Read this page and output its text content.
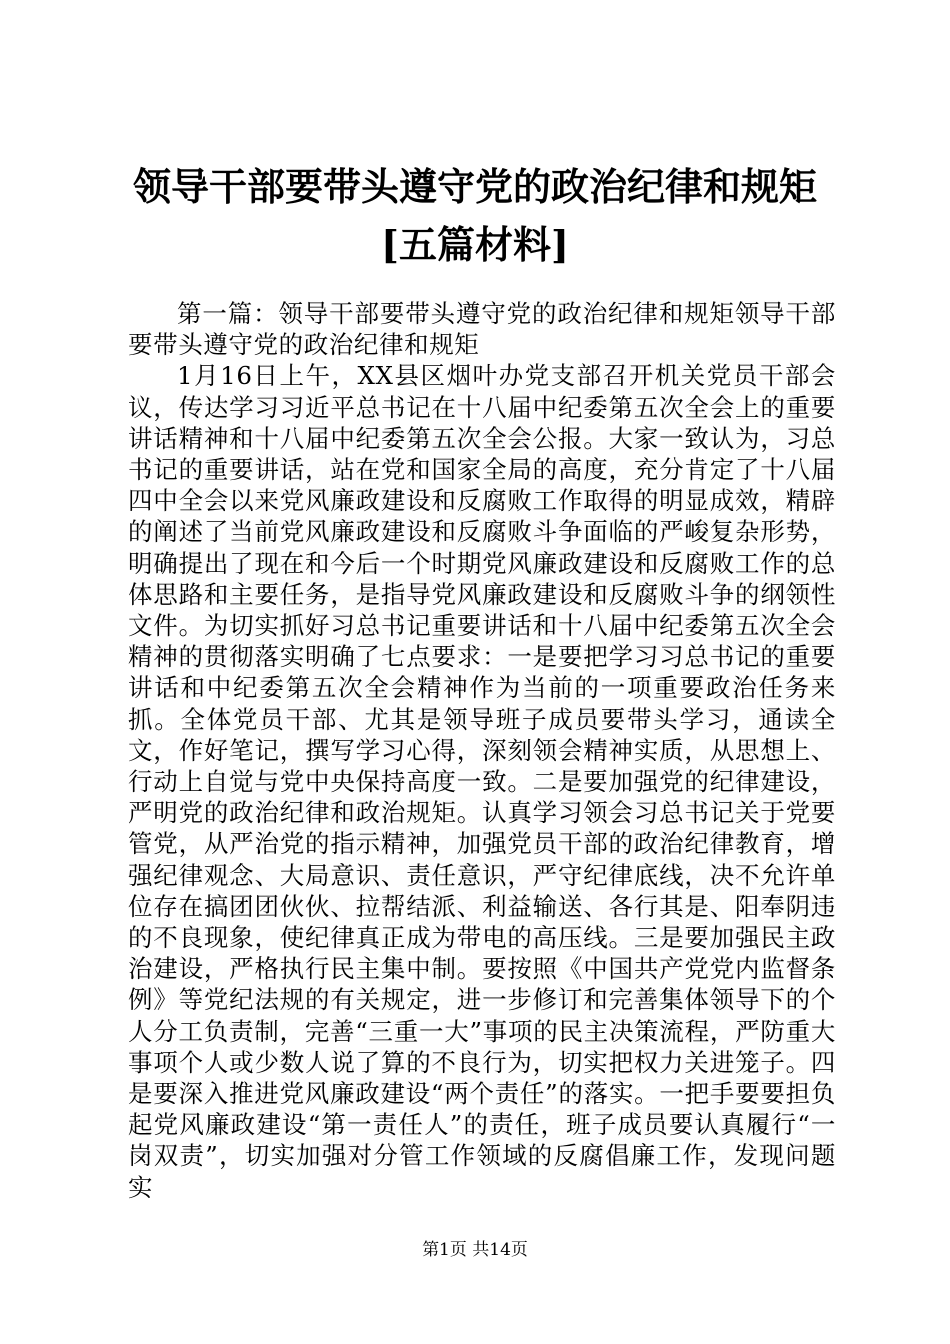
领导干部要带头遵守党的政治纪律和规矩[五篇材料]

第一篇：领导干部要带头遵守党的政治纪律和规矩领导干部要带头遵守党的政治纪律和规矩

1月16日上午，XX县区烟叶办党支部召开机关党员干部会议，传达学习习近平总书记在十八届中纪委第五次全会上的重要讲话精神和十八届中纪委第五次全会公报。大家一致认为，习总书记的重要讲话，站在党和国家全局的高度，充分肯定了十八届四中全会以来党风廉政建设和反腐败工作取得的明显成效，精辟的阐述了当前党风廉政建设和反腐败斗争面临的严峻复杂形势，明确提出了现在和今后一个时期党风廉政建设和反腐败工作的总体思路和主要任务，是指导党风廉政建设和反腐败斗争的纲领性文件。为切实抓好习总书记重要讲话和十八届中纪委第五次全会精神的贯彻落实明确了七点要求：一是要把学习习总书记的重要讲话和中纪委第五次全会精神作为当前的一项重要政治任务来抓。全体党员干部、尤其是领导班子成员要带头学习，通读全文，作好笔记，撰写学习心得，深刻领会精神实质，从思想上、行动上自觉与党中央保持高度一致。二是要加强党的纪律建设，严明党的政治纪律和政治规矩。认真学习领会习总书记关于党要管党，从严治党的指示精神，加强党员干部的政治纪律教育，增强纪律观念、大局意识、责任意识，严守纪律底线，决不允许单位存在搞团团伙伙、拉帮结派、利益输送、各行其是、阳奉阴违的不良现象，使纪律真正成为带电的高压线。三是要加强民主政治建设，严格执行民主集中制。要按照《中国共产党党内监督条例》等党纪法规的有关规定，进一步修订和完善集体领导下的个人分工负责制，完善“三重一大”事项的民主决策流程，严防重大事项个人或少数人说了算的不良行为，切实把权力关进笼子。四是要深入推进党风廉政建设“两个责任”的落实。一把手要要担负起党风廉政建设“第一责任人”的责任，班子成员要认真履行“一岗双责”，切实加强对分管工作领域的反腐倡廉工作，发现问题实

第1页 共14页
